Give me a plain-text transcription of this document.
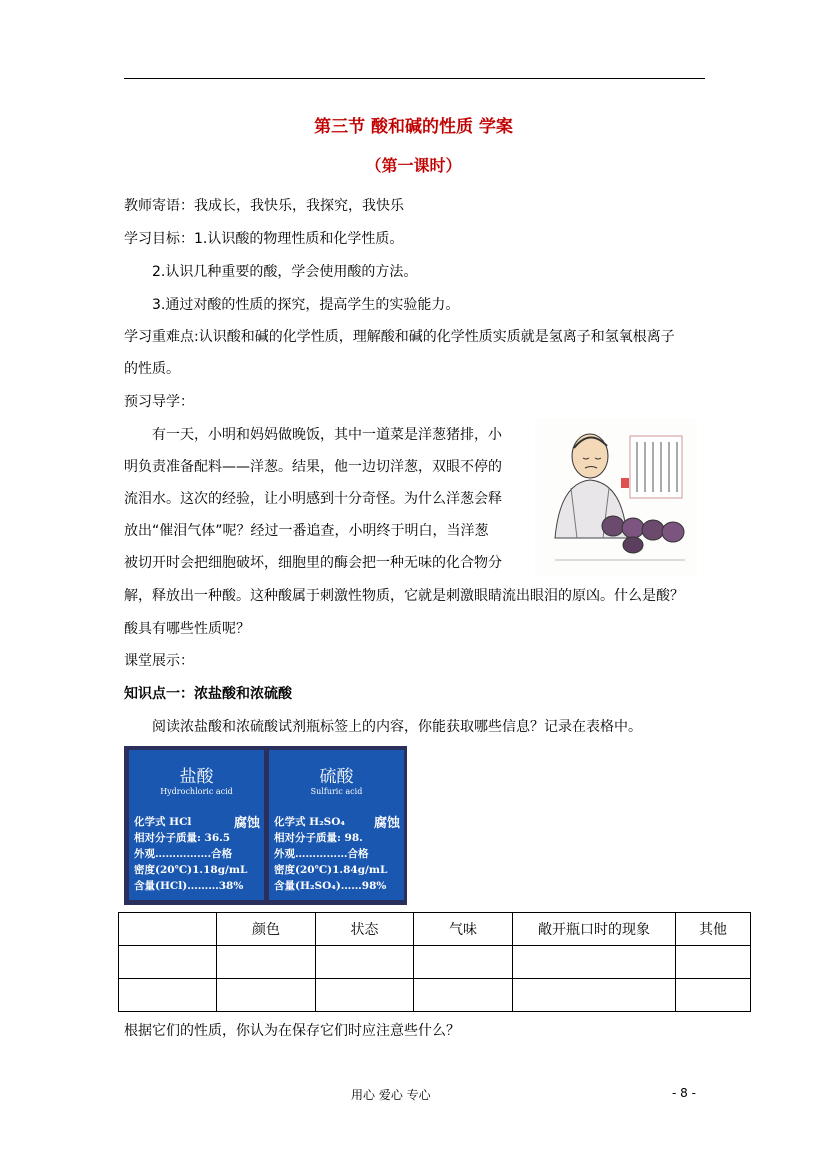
第三节 酸和碱的性质 学案
（第一课时）
教师寄语：我成长，我快乐，我探究，我快乐
学习目标：1.认识酸的物理性质和化学性质。
2.认识几种重要的酸，学会使用酸的方法。
3.通过对酸的性质的探究，提高学生的实验能力。
学习重难点:认识酸和碱的化学性质，理解酸和碱的化学性质实质就是氢离子和氢氧根离子
的性质。
预习导学：
有一天，小明和妈妈做晚饭，其中一道菜是洋葱猪排，小
明负责准备配料——洋葱。结果，他一边切洋葱，双眼不停的
流泪水。这次的经验，让小明感到十分奇怪。为什么洋葱会释
放出“催泪气体”呢？经过一番追查，小明终于明白，当洋葱
被切开时会把细胞破坏，细胞里的酶会把一种无味的化合物分
解，释放出一种酸。这种酸属于刺激性物质，它就是刺激眼睛流出眼泪的原凶。什么是酸？
酸具有哪些性质呢？
课堂展示：
知识点一：浓盐酸和浓硫酸
阅读浓盐酸和浓硫酸试剂瓶标签上的内容，你能获取哪些信息？记录在表格中。
盐酸
Hydrochloric acid
腐蚀
化学式 HCl
相对分子质量: 36.5
外观…………….合格
密度(20℃)1.18g/mL
含量(HCl)………38%
硫酸
Sulfuric acid
腐蚀
化学式 H₂SO₄
相对分子质量: 98.
外观……………合格
密度(20℃)1.84g/mL
含量(H₂SO₄)……98%
	颜色	状态	气味	敞开瓶口时的现象	其他

根据它们的性质，你认为在保存它们时应注意些什么？
用心 爱心 专心	- 8 -
